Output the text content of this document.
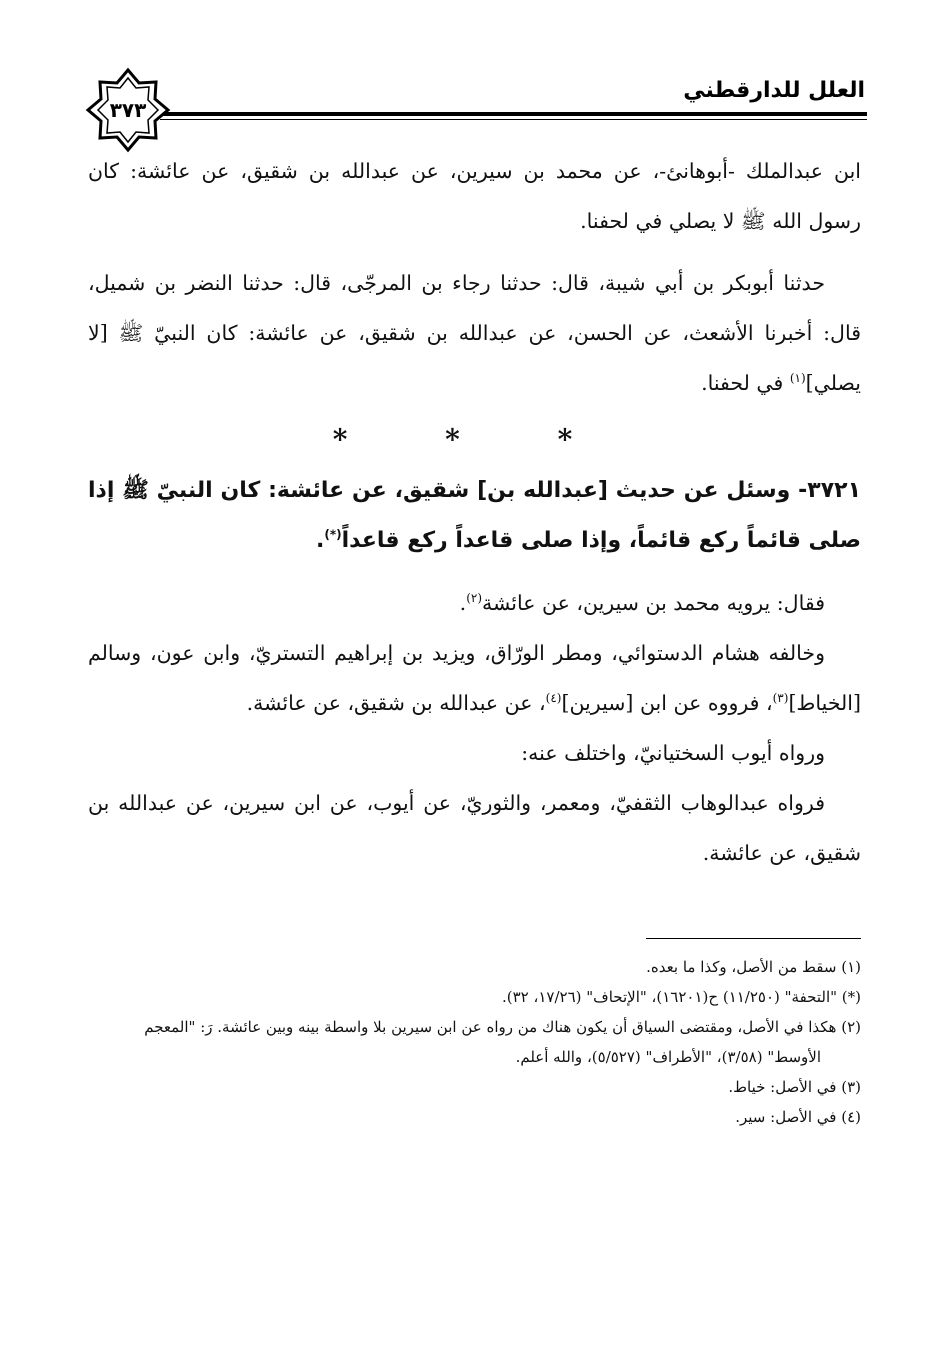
العلل للدارقطني
٣٧٣

ابن عبدالملك -أبوهانئ-، عن محمد بن سيرين، عن عبدالله بن شقيق، عن عائشة: كان رسول الله ﷺ لا يصلي في لحفنا.

حدثنا أبوبكر بن أبي شيبة، قال: حدثنا رجاء بن المرجّى، قال: حدثنا النضر بن شميل، قال: أخبرنا الأشعث، عن الحسن، عن عبدالله بن شقيق، عن عائشة: كان النبيّ ﷺ [لا يصلي]$^{(١)}$ في لحفنا.

* * *

٣٧٢١- وسئل عن حديث [عبدالله بن] شقيق، عن عائشة: كان النبيّ ﷺ إذا صلى قائماً ركع قائماً، وإذا صلى قاعداً ركع قاعداً(*).

فقال: يرويه محمد بن سيرين، عن عائشة$^{(٢)}$.

وخالفه هشام الدستوائي، ومطر الورّاق، ويزيد بن إبراهيم التستريّ، وابن عون، وسالم [الخياط]$^{(٣)}$، فرووه عن ابن [سيرين]$^{(٤)}$، عن عبدالله بن شقيق، عن عائشة.

ورواه أيوب السختيانيّ، واختلف عنه:

فرواه عبدالوهاب الثقفيّ، ومعمر، والثوريّ، عن أيوب، عن ابن سيرين، عن عبدالله بن شقيق، عن عائشة.

(١) سقط من الأصل، وكذا ما بعده.

(*) "التحفة" (١١/٢٥٠) ح(١٦٢٠١)، "الإتحاف" (١٧/٢٦، ٣٢).

(٢) هكذا في الأصل، ومقتضى السياق أن يكون هناك من رواه عن ابن سيرين بلا واسطة بينه وبين عائشة. رَ: "المعجم

الأوسط" (٣/٥٨)، "الأطراف" (٥/٥٢٧)، والله أعلم.

(٣) في الأصل: خياط.

(٤) في الأصل: سير.
